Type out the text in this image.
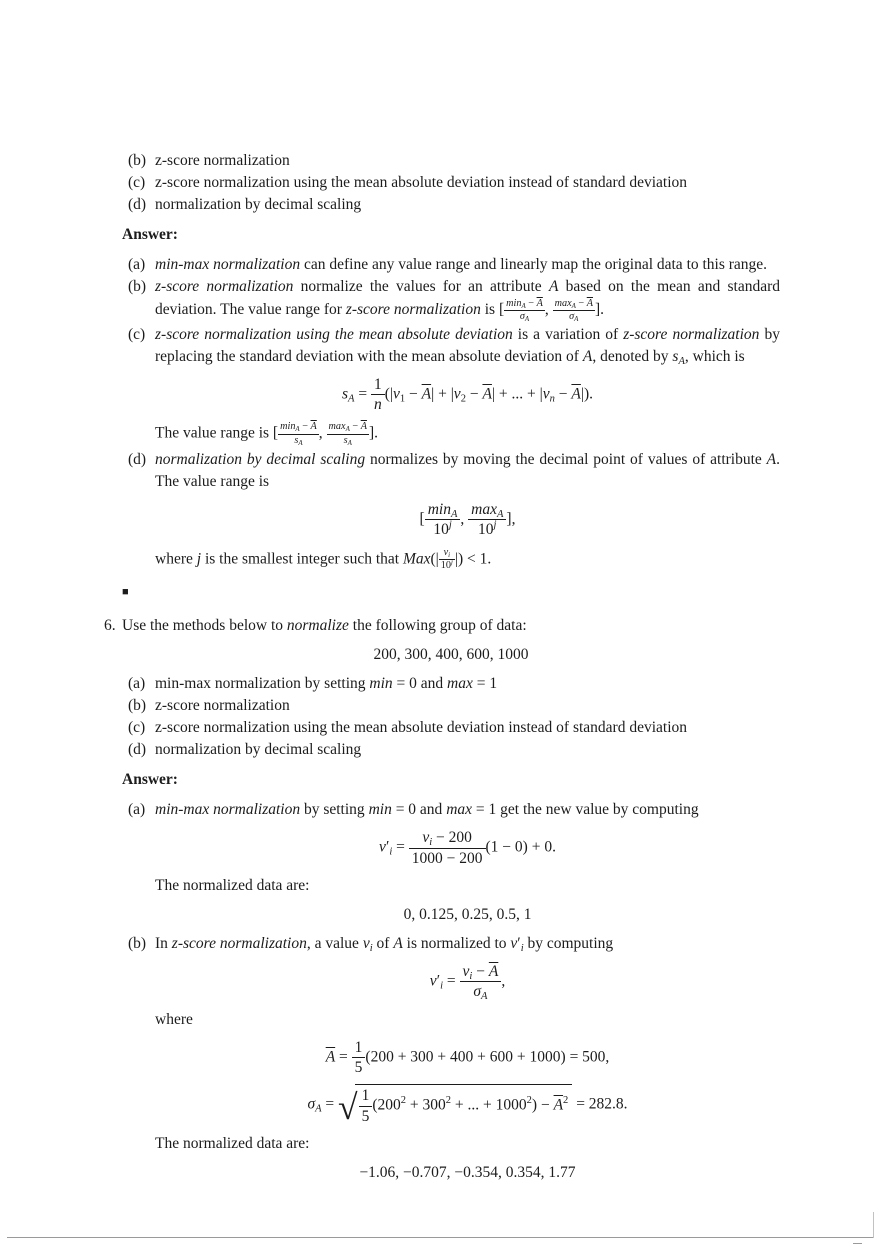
(b) z-score normalization
(c) z-score normalization using the mean absolute deviation instead of standard deviation
(d) normalization by decimal scaling

Answer:

(a) min-max normalization can define any value range and linearly map the original data to this range.
(b) z-score normalization normalize the values for an attribute A based on the mean and standard deviation. The value range for z-score normalization is [ $\frac{\min_A - \overline{A}}{\sigma_A}$ , $\frac{\max_A - \overline{A}}{\sigma_A}$ ].
(c) z-score normalization using the mean absolute deviation is a variation of z-score normalization by replacing the standard deviation with the mean absolute deviation of A, denoted by $s_A$, which is
$s_A = \frac{1}{n} (|v_1 - \overline{A}| + |v_2 - \overline{A}|$ + ... + $|v_n - \overline{A}|$).
The value range is [ $\frac{\min_A - \overline{A}}{s_A}$ , $\frac{\max_A - \overline{A}}{s_A}$ ].
(d) normalization by decimal scaling normalizes by moving the decimal point of values of attribute A. The value range is
[ $\frac{\min_A}{10^j}$ , $\frac{\max_A}{10^j}$ ],
where j is the smallest integer such that $Max(| \frac{v_i}{10^j}$ |) < 1.
■
6. Use the methods below to normalize the following group of data:
200, 300, 400, 600, 1000
(a) min-max normalization by setting min = 0 and max = 1
(b) z-score normalization
(c) z-score normalization using the mean absolute deviation instead of standard deviation
(d) normalization by decimal scaling

Answer:

(a) min-max normalization by setting min = 0 and max = 1 get the new value by computing
$v'_i = \frac{v_i - 200}{1000 - 200} (1 - 0) + 0$.
The normalized data are:
0, 0.125, 0.25, 0.5, 1
(b) In z-score normalization, a value $v_i$ of A is normalized to $v'_i$ by computing
$v'_i = \frac{v_i - \overline{A}}{\sigma_A}$ ,
where
$\overline{A} = \frac{1}{5} (200 + 300 + 400 + 600 + 1000) = 500$,
$\sigma_A$ = √ $\frac{1}{5} (200^2 + 300^2$ + ... + $1000^2) - \overline{A}^2 = 282.8$.
The normalized data are:
−1.06, −0.707, −0.354, 0.354, 1.77
